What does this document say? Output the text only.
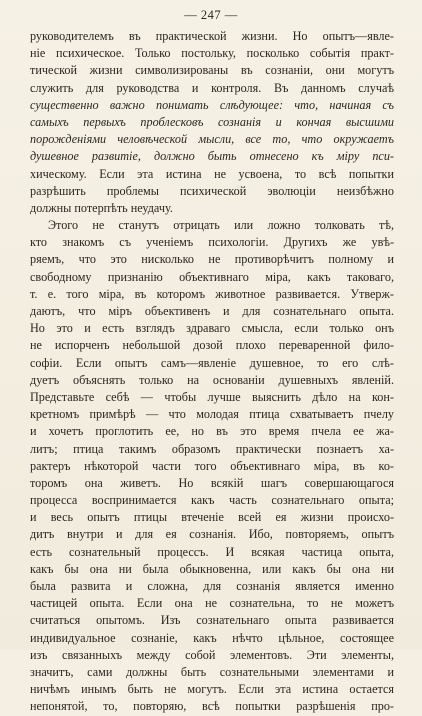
— 247 —
руководителемъ въ практической жизни. Но опытъ—явле-
ніе психическое. Только постольку, посколько событія практ-
тической жизни символизированы въ сознаніи, они могутъ
служить для руководства и контроля. Въ данномъ случаѣ
существенно важно понимать слѣдующее: что, начиная съ
самыхъ первыхъ проблесковъ сознанія и кончая высшими
порожденіями человѣческой мысли, все то, что окружаетъ
душевное развитіе, должно быть отнесено къ міру пси-
хическому. Если эта истина не усвоена, то всѣ попытки
разрѣшить проблемы психической эволюціи неизбѣжно
должны потерпѣть неудачу.
Этого не станутъ отрицать или ложно толковать тѣ,
кто знакомъ съ ученіемъ психологіи. Другихъ же увѣ-
ряемъ, что это нисколько не противорѣчитъ полному и
свободному признанію объективнаго міра, какъ таковаго,
т. е. того міра, въ которомъ животное развивается. Утверж-
даютъ, что міръ объективенъ и для сознательнаго опыта.
Но это и есть взглядъ здраваго смысла, если только онъ
не испорченъ небольшой дозой плохо переваренной фило-
софіи. Если опытъ самъ—явленіе душевное, то его слѣ-
дуетъ объяснять только на основаніи душевныхъ явленій.
Представьте себѣ — чтобы лучше выяснить дѣло на кон-
кретномъ примѣрѣ — что молодая птица схватываетъ пчелу
и хочетъ проглотить ее, но въ это время пчела ее жа-
литъ; птица такимъ образомъ практически познаетъ ха-
рактеръ нѣкоторой части того объективнаго міра, въ ко-
торомъ она живетъ. Но всякій шагъ совершающагося
процесса воспринимается какъ часть сознательнаго опыта;
и весь опытъ птицы втеченіе всей ея жизни происхо-
дитъ внутри и для ея сознанія. Ибо, повторяемъ, опытъ
есть сознательный процессъ. И всякая частица опыта,
какъ бы она ни была обыкновенна, или какъ бы она ни
была развита и сложна, для сознанія является именно
частицей опыта. Если она не сознательна, то не можетъ
считаться опытомъ. Изъ сознательнаго опыта развивается
индивидуальное сознаніе, какъ нѣчто цѣльное, состоящее
изъ связанныхъ между собой элементовъ. Эти элементы,
значитъ, сами должны быть сознательными элементами и
ничѣмъ инымъ быть не могутъ. Если эта истина остается
непонятой, то, повторяю, всѣ попытки разрѣшенія про-
